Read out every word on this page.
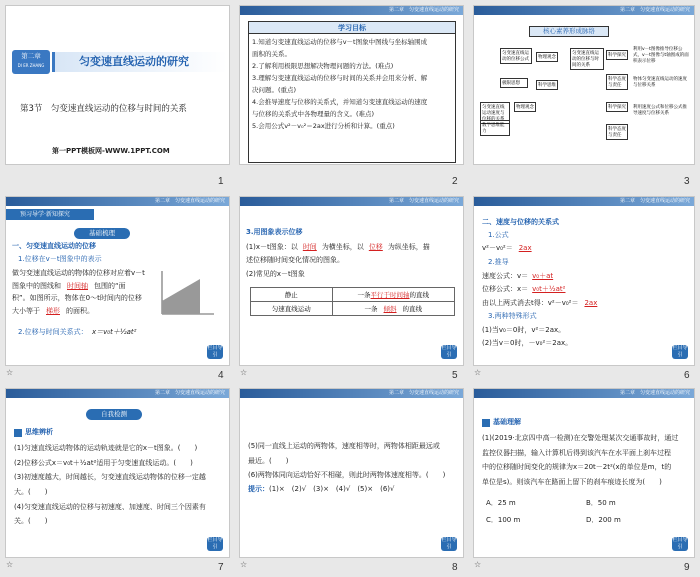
第二章
DI ER ZHANG	匀变速直线运动的研究
第3节　匀变速直线运动的位移与时间的关系
第一PPT模板网-WWW.1PPT.COM
1
第二章　匀变速直线运动的研究
学习目标
1.知道匀变速直线运动的位移与v－t图象中图线与坐标轴围成
面积的关系。
2.了解利用极限思想解决物理问题的方法。(难点)
3.理解匀变速直线运动的位移与时间的关系并会用来分析、解
决问题。(重点)
4.会推导速度与位移的关系式，并知道匀变速直线运动的速度
与位移的关系式中各物理量的含义。(难点)
5.会用公式v²－v₀²＝2ax进行分析和计算。(重点)
2
第二章　匀变速直线运动的研究
核心素养形成脉络
匀变速直线运动的位移公式	物理观念
极限思想	科学思维
匀变速直线运动的位移与时间的关系
科学探究
科学态度与责任
匀变速直线运动速度与位移的关系
物理观念
数学思维能力
科学探究
科学态度与责任
利用v－t图像推导位移公式，v－t图像与t轴围成的面积表示位移
物体匀变速直线运动的速度与位移关系
利用速度公式和位移公式推导速度与位移关系
3
第二章　匀变速直线运动的研究
预习导学·新知探究
基础梳理
一、匀变速直线运动的位移
1.位移在v－t图象中的表示
做匀变速直线运动的物体的位移对应着v－t
图象中的图线和 时间轴 包围的“面
积”。如图所示，物体在0～t时间内的位移
大小等于 梯形 的面积。
2.位移与时间关系式： x＝v₀t＋½at²
栏目导引
☆	4
第二章　匀变速直线运动的研究
3.用图象表示位移
(1)x－t图象：以 时间 为横坐标，以 位移 为纵坐标，描
述位移随时间变化情况的图象。
(2)常见的x－t图象
静止	一条平行于时间轴的直线
匀速直线运动	一条 倾斜 的直线
栏目导引
☆	5
第二章　匀变速直线运动的研究
二、速度与位移的关系式
1.公式
v²－v₀²＝ 2ax
2.推导
速度公式：v＝ v₀＋at
位移公式：x＝ v₀t＋½at²
由以上两式消去t得：v²－v₀²＝ 2ax
3.两种特殊形式
(1)当v₀＝0时，v²＝2ax。
(2)当v＝0时，－v₀²＝2ax。
栏目导引
☆	6
第二章　匀变速直线运动的研究
自我检测
思维辨析
(1)匀速直线运动物体的运动轨迹就是它的x－t图象。(　　)
(2)位移公式x＝v₀t＋½at²适用于匀变速直线运动。(　　)
(3)初速度越大，时间越长，匀变速直线运动物体的位移一定越
大。(　　)
(4)匀变速直线运动的位移与初速度、加速度、时间三个因素有
关。(　　)
栏目导引
☆	7
第二章　匀变速直线运动的研究
(5)同一直线上运动的两物体，速度相等时，两物体相距最远或
最近。(　　)
(6)两物体同向运动恰好不相碰，则此时两物体速度相等。(　　)
提示：(1)×　(2)√　(3)×　(4)√　(5)×　(6)√
栏目导引
☆	8
第二章　匀变速直线运动的研究
基础理解
(1)(2019·北京四中高一检测)在交警处理某次交通事故时，通过
监控仪器扫描，输入计算机后得到该汽车在水平面上刹车过程
中的位移随时间变化的规律为x＝20t－2t²(x的单位是m，t的
单位是s)。则该汽车在路面上留下的刹车痕迹长度为(　　)
A．25 m	B．50 m
C．100 m	D．200 m
栏目导引
☆	9
